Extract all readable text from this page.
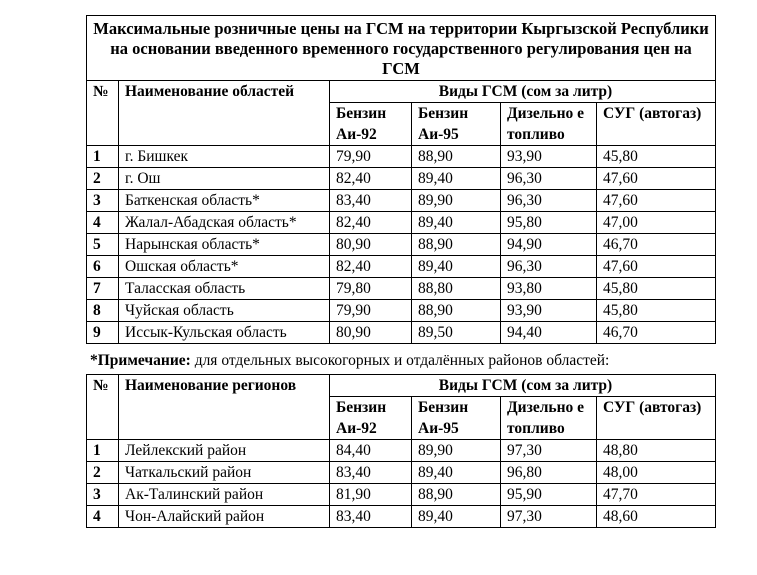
Максимальные розничные цены на ГСМ на территории Кыргызской Республики на основании введенного временного государственного регулирования цен на ГСМ					
№	Наименование областей	Виды ГСМ (сом за литр)			
		Бензин Аи-92	Бензин Аи-95	Дизельно е топливо	СУГ (автогаз)
1	г. Бишкек	79,90	88,90	93,90	45,80
2	г. Ош	82,40	89,40	96,30	47,60
3	Баткенская область*	83,40	89,90	96,30	47,60
4	Жалал-Абадская область*	82,40	89,40	95,80	47,00
5	Нарынская область*	80,90	88,90	94,90	46,70
6	Ошская область*	82,40	89,40	96,30	47,60
7	Таласская область	79,80	88,80	93,80	45,80
8	Чуйская область	79,90	88,90	93,90	45,80
9	Иссык-Кульская область	80,90	89,50	94,40	46,70
*Примечание: для отдельных высокогорных и отдалённых районов областей:
№	Наименование регионов	Виды ГСМ (сом за литр)			
		Бензин Аи-92	Бензин Аи-95	Дизельно е топливо	СУГ (автогаз)
1	Лейлекский район	84,40	89,90	97,30	48,80
2	Чаткальский район	83,40	89,40	96,80	48,00
3	Ак-Талинский район	81,90	88,90	95,90	47,70
4	Чон-Алайский район	83,40	89,40	97,30	48,60
